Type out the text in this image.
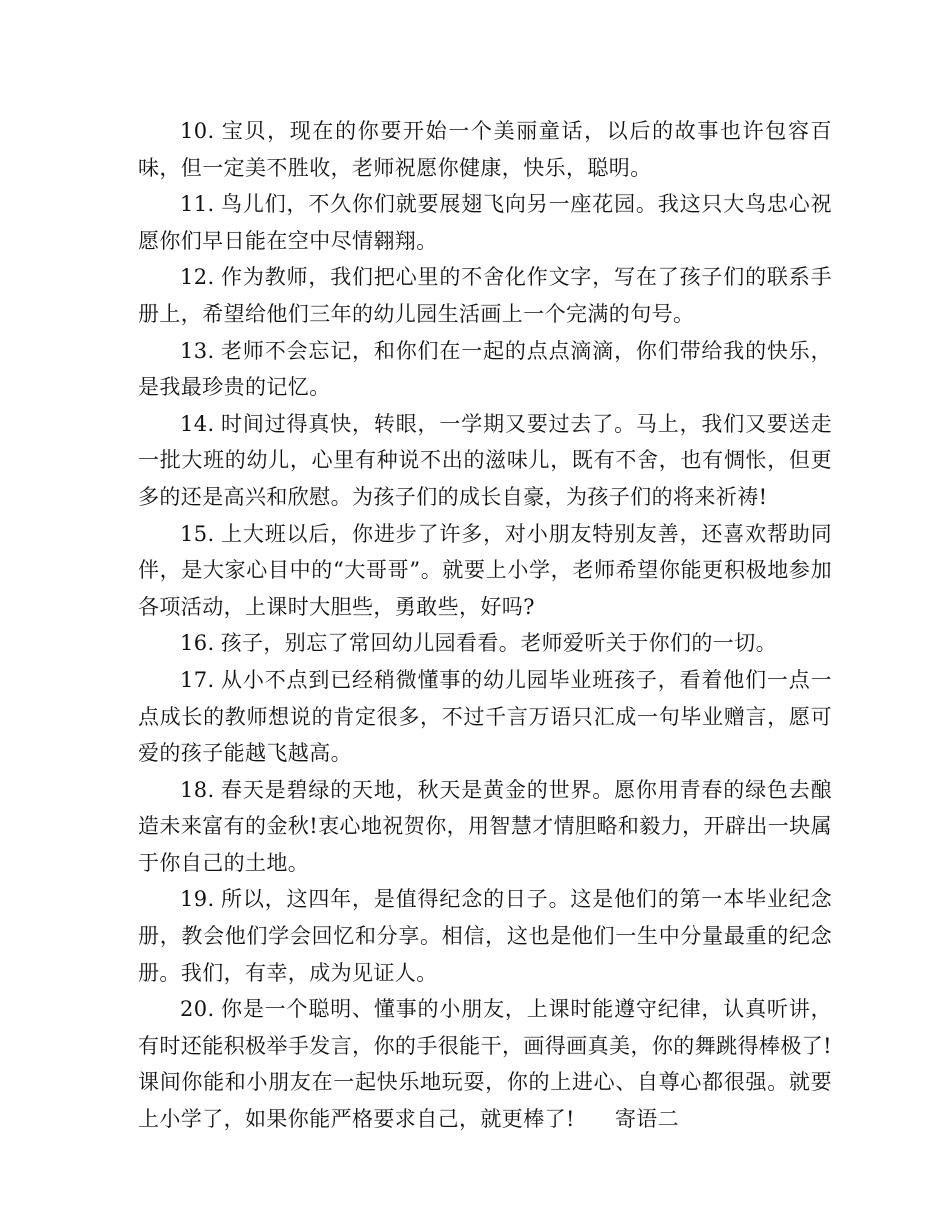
10. 宝贝，现在的你要开始一个美丽童话，以后的故事也许包容百味，但一定美不胜收，老师祝愿你健康，快乐，聪明。

11. 鸟儿们，不久你们就要展翅飞向另一座花园。我这只大鸟忠心祝愿你们早日能在空中尽情翱翔。

12. 作为教师，我们把心里的不舍化作文字，写在了孩子们的联系手册上，希望给他们三年的幼儿园生活画上一个完满的句号。

13. 老师不会忘记，和你们在一起的点点滴滴，你们带给我的快乐，是我最珍贵的记忆。

14. 时间过得真快，转眼，一学期又要过去了。马上，我们又要送走一批大班的幼儿，心里有种说不出的滋味儿，既有不舍，也有惆怅，但更多的还是高兴和欣慰。为孩子们的成长自豪，为孩子们的将来祈祷!

15. 上大班以后，你进步了许多，对小朋友特别友善，还喜欢帮助同伴，是大家心目中的“大哥哥”。就要上小学，老师希望你能更积极地参加各项活动，上课时大胆些，勇敢些，好吗?

16. 孩子，别忘了常回幼儿园看看。老师爱听关于你们的一切。

17. 从小不点到已经稍微懂事的幼儿园毕业班孩子，看着他们一点一点成长的教师想说的肯定很多，不过千言万语只汇成一句毕业赠言，愿可爱的孩子能越飞越高。

18. 春天是碧绿的天地，秋天是黄金的世界。愿你用青春的绿色去酿造未来富有的金秋!衷心地祝贺你，用智慧才情胆略和毅力，开辟出一块属于你自己的土地。

19. 所以，这四年，是值得纪念的日子。这是他们的第一本毕业纪念册，教会他们学会回忆和分享。相信，这也是他们一生中分量最重的纪念册。我们，有幸，成为见证人。

20. 你是一个聪明、懂事的小朋友，上课时能遵守纪律，认真听讲，有时还能积极举手发言，你的手很能干，画得画真美，你的舞跳得棒极了!课间你能和小朋友在一起快乐地玩耍，你的上进心、自尊心都很强。就要上小学了，如果你能严格要求自己，就更棒了! 寄语二
